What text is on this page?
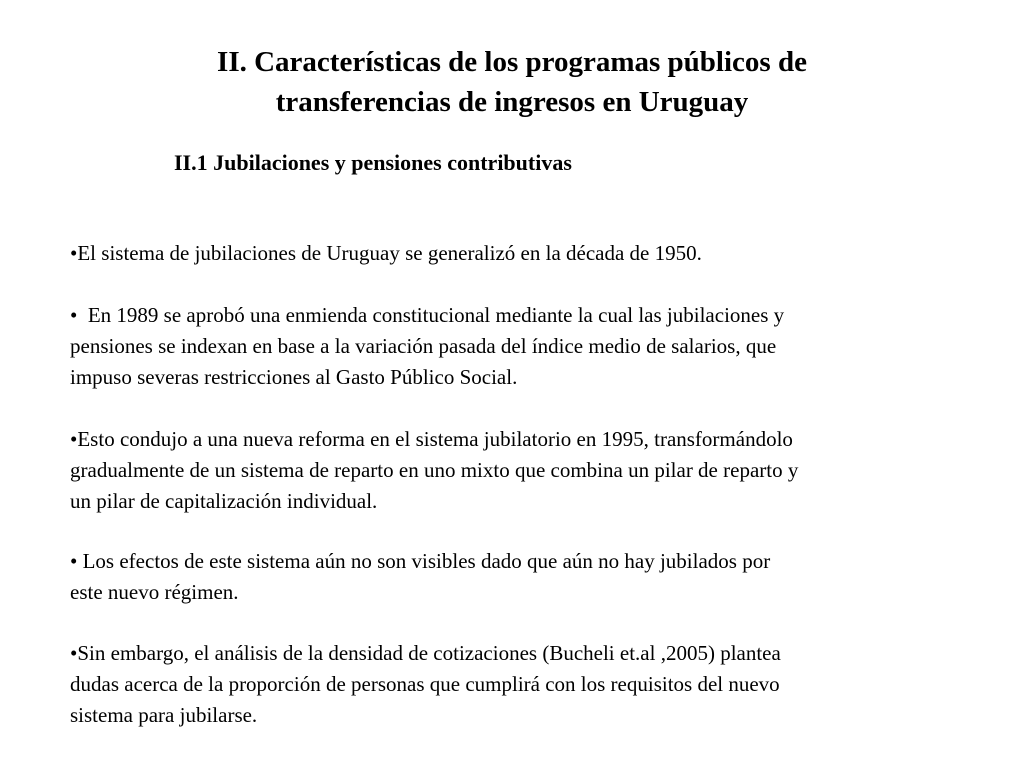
II. Características de los programas públicos de
transferencias de ingresos en Uruguay
II.1 Jubilaciones y pensiones contributivas
•El sistema de jubilaciones de Uruguay se generalizó en la década de 1950.
• En 1989 se aprobó una enmienda constitucional mediante la cual las jubilaciones y
pensiones se indexan en base a la variación pasada del índice medio de salarios, que
impuso severas restricciones al Gasto Público Social.
•Esto condujo a una nueva reforma en el sistema jubilatorio en 1995, transformándolo
gradualmente de un sistema de reparto en uno mixto que combina un pilar de reparto y
un pilar de capitalización individual.
• Los efectos de este sistema aún no son visibles dado que aún no hay jubilados por
este nuevo régimen.
•Sin embargo, el análisis de la densidad de cotizaciones (Bucheli et.al ,2005) plantea
dudas acerca de la proporción de personas que cumplirá con los requisitos del nuevo
sistema para jubilarse.
